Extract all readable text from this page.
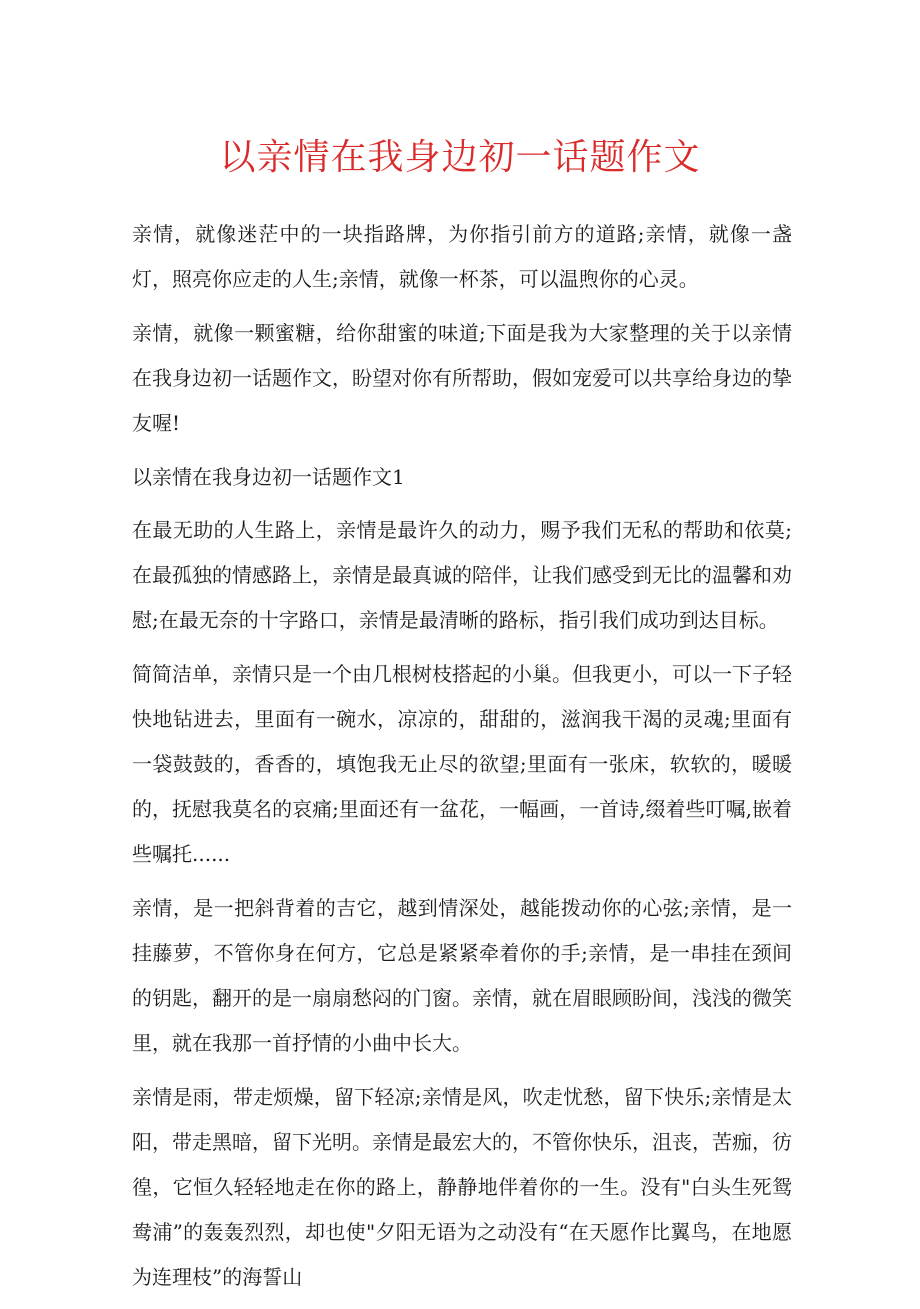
以亲情在我身边初一话题作文

亲情，就像迷茫中的一块指路牌，为你指引前方的道路;亲情，就像一盏灯，照亮你应走的人生;亲情，就像一杯茶，可以温煦你的心灵。

亲情，就像一颗蜜糖，给你甜蜜的味道;下面是我为大家整理的关于以亲情在我身边初一话题作文，盼望对你有所帮助，假如宠爱可以共享给身边的挚友喔!

以亲情在我身边初一话题作文1

在最无助的人生路上，亲情是最许久的动力，赐予我们无私的帮助和依莫;在最孤独的情感路上，亲情是最真诚的陪伴，让我们感受到无比的温馨和劝慰;在最无奈的十字路口，亲情是最清晰的路标，指引我们成功到达目标。

简简洁单，亲情只是一个由几根树枝搭起的小巢。但我更小，可以一下子轻快地钻进去，里面有一碗水，凉凉的，甜甜的，滋润我干渴的灵魂;里面有一袋鼓鼓的，香香的，填饱我无止尽的欲望;里面有一张床，软软的，暖暖的，抚慰我莫名的哀痛;里面还有一盆花，一幅画，一首诗,缀着些叮嘱,嵌着些嘱托......

亲情，是一把斜背着的吉它，越到情深处，越能拨动你的心弦;亲情，是一挂藤萝，不管你身在何方，它总是紧紧牵着你的手;亲情，是一串挂在颈间的钥匙，翻开的是一扇扇愁闷的门窗。亲情，就在眉眼顾盼间，浅浅的微笑里，就在我那一首抒情的小曲中长大。

亲情是雨，带走烦燥，留下轻凉;亲情是风，吹走忧愁，留下快乐;亲情是太阳，带走黑暗，留下光明。亲情是最宏大的，不管你快乐，沮丧，苦痂，彷徨，它恒久轻轻地走在你的路上，静静地伴着你的一生。没有"白头生死鸳鸯浦”的轰轰烈烈，却也使"夕阳无语为之动没有“在天愿作比翼鸟，在地愿为连理枝”的海誓山
